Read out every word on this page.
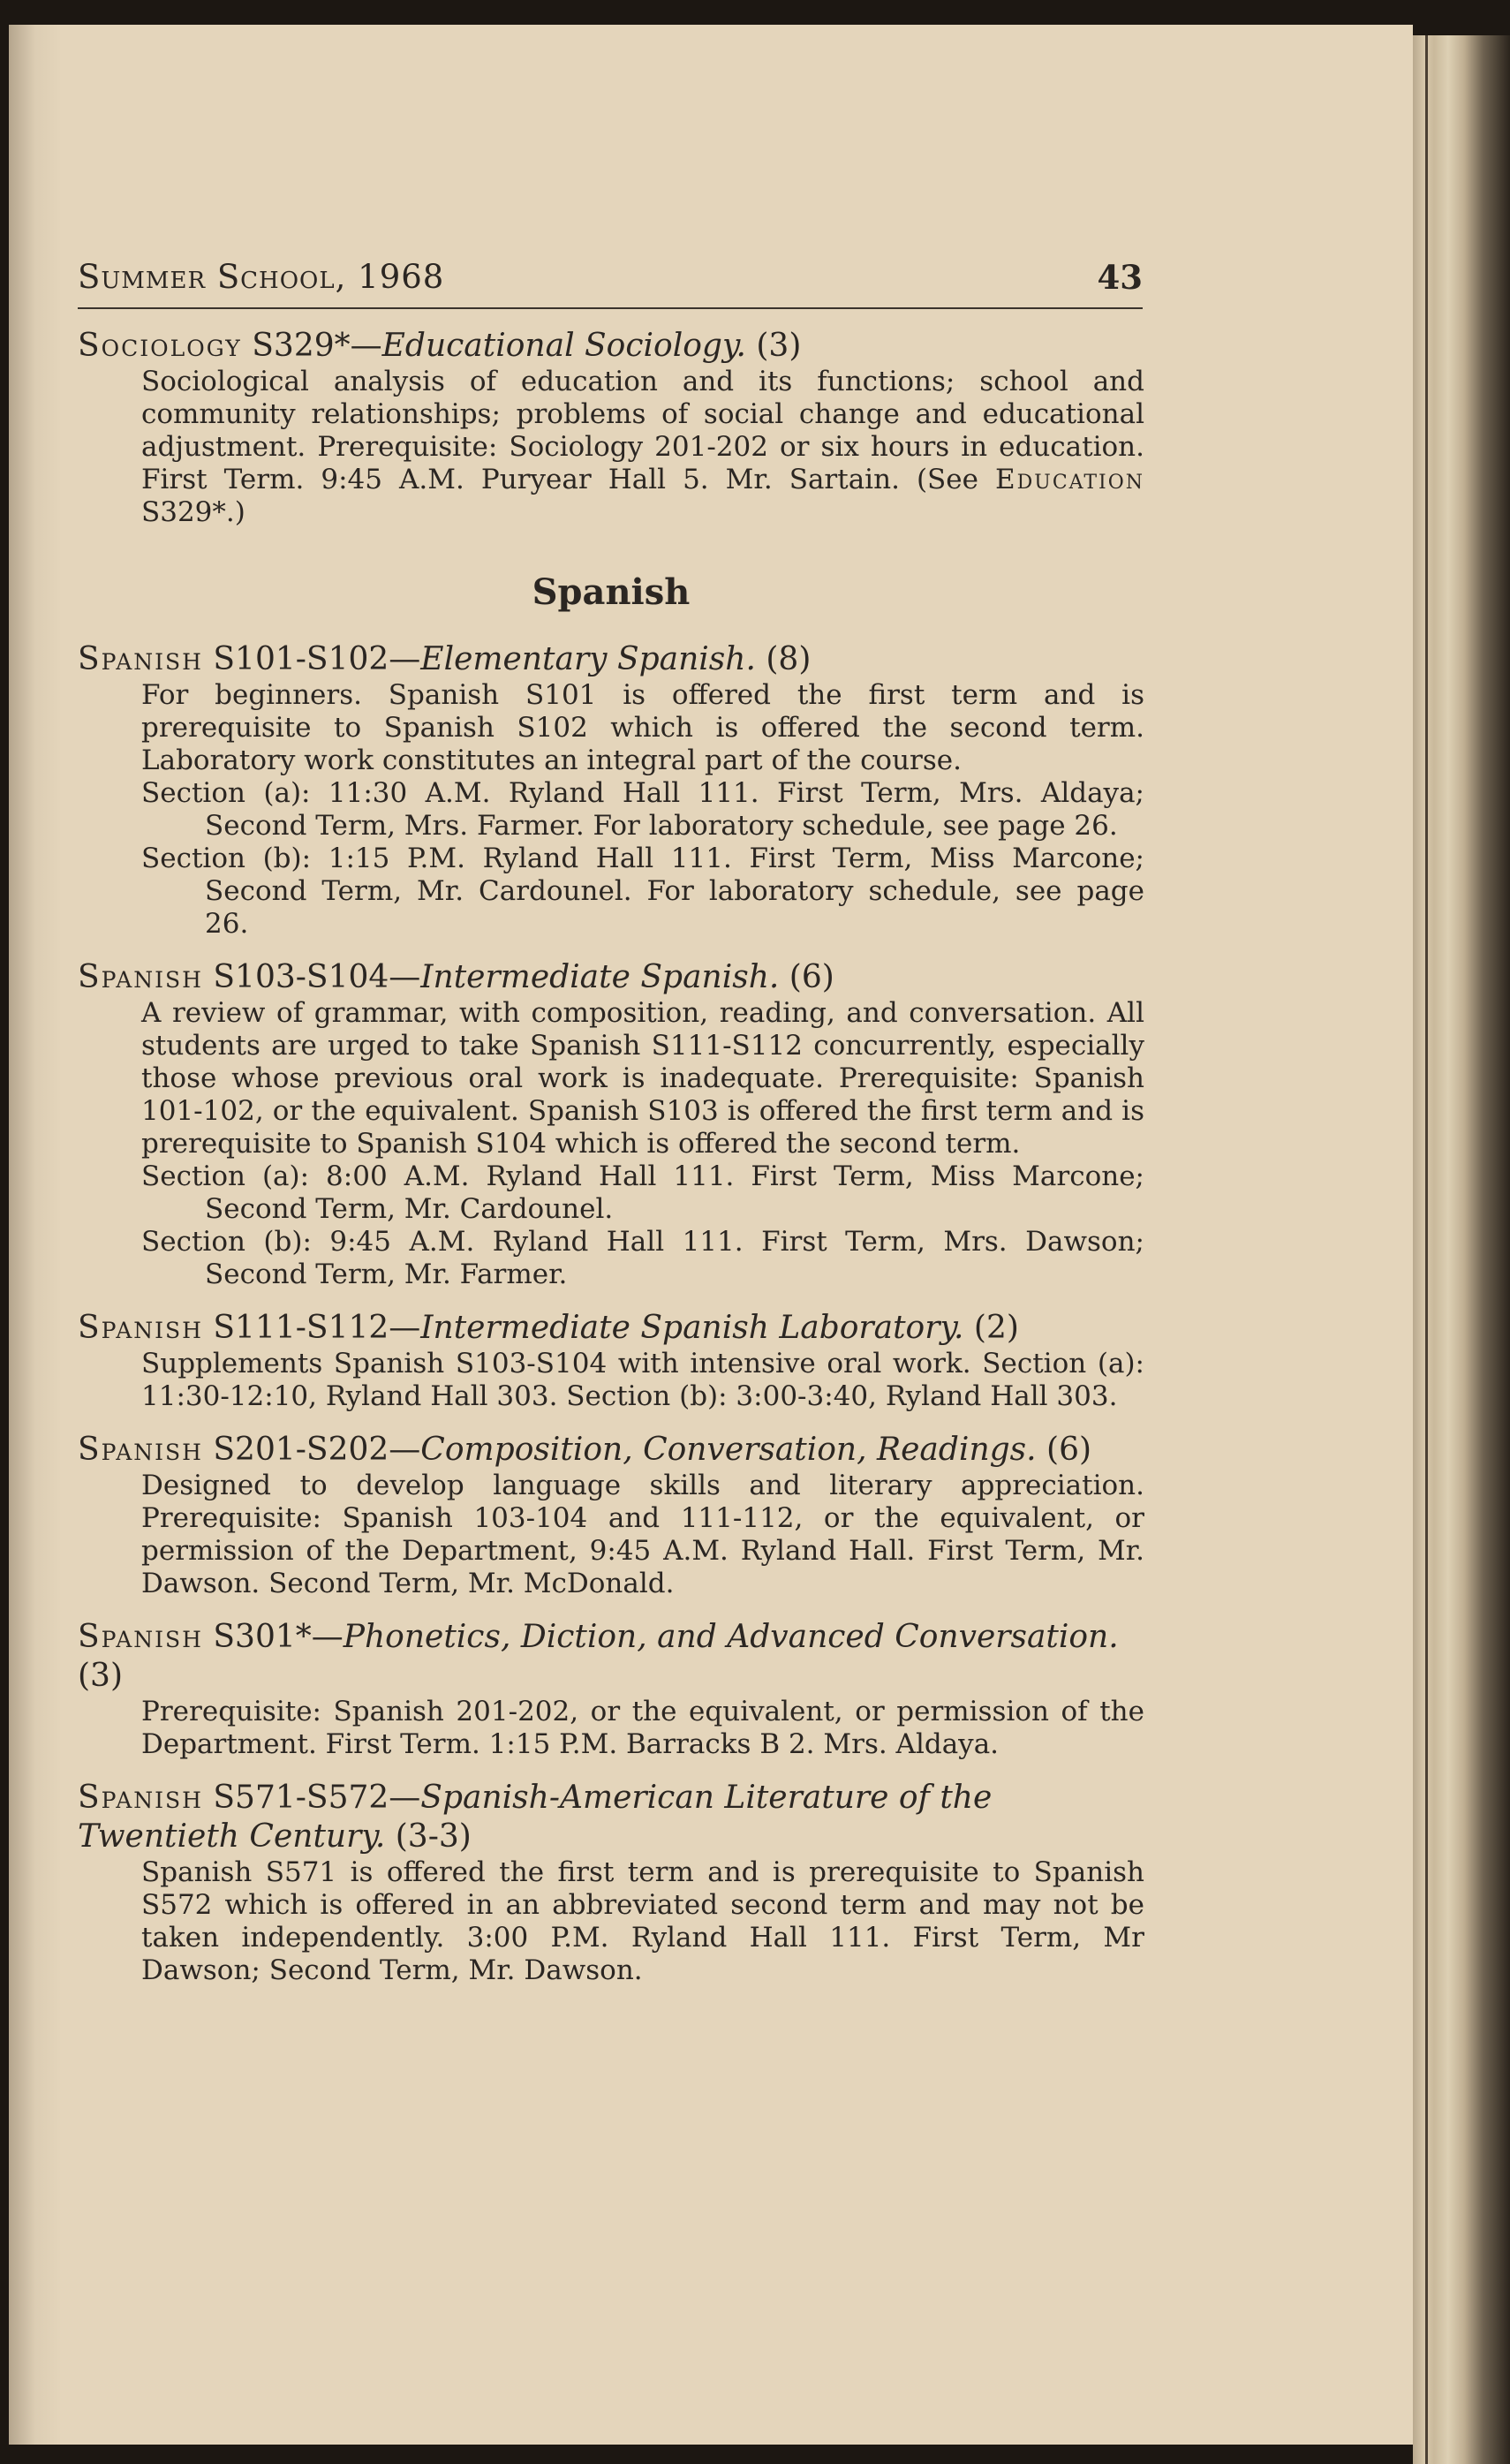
Summer School, 1968	43
Sociology S329*—Educational Sociology. (3)
Sociological analysis of education and its functions; school and community relationships; problems of social change and educational adjustment. Prerequisite: Sociology 201-202 or six hours in education. First Term. 9:45 A.M. Puryear Hall 5. Mr. Sartain. (See Education S329*.)
Spanish
Spanish S101-S102—Elementary Spanish. (8)
For beginners. Spanish S101 is offered the first term and is prerequisite to Spanish S102 which is offered the second term. Laboratory work constitutes an integral part of the course.
Section (a): 11:30 A.M. Ryland Hall 111. First Term, Mrs. Aldaya; Second Term, Mrs. Farmer. For laboratory schedule, see page 26.
Section (b): 1:15 P.M. Ryland Hall 111. First Term, Miss Marcone; Second Term, Mr. Cardounel. For laboratory schedule, see page 26.
Spanish S103-S104—Intermediate Spanish. (6)
A review of grammar, with composition, reading, and conversation. All students are urged to take Spanish S111-S112 concurrently, especially those whose previous oral work is inadequate. Prerequisite: Spanish 101-102, or the equivalent. Spanish S103 is offered the first term and is prerequisite to Spanish S104 which is offered the second term.
Section (a): 8:00 A.M. Ryland Hall 111. First Term, Miss Marcone; Second Term, Mr. Cardounel.
Section (b): 9:45 A.M. Ryland Hall 111. First Term, Mrs. Dawson; Second Term, Mr. Farmer.
Spanish S111-S112—Intermediate Spanish Laboratory. (2)
Supplements Spanish S103-S104 with intensive oral work. Section (a): 11:30-12:10, Ryland Hall 303. Section (b): 3:00-3:40, Ryland Hall 303.
Spanish S201-S202—Composition, Conversation, Readings. (6)
Designed to develop language skills and literary appreciation. Prerequisite: Spanish 103-104 and 111-112, or the equivalent, or permission of the Department, 9:45 A.M. Ryland Hall. First Term, Mr. Dawson. Second Term, Mr. McDonald.
Spanish S301*—Phonetics, Diction, and Advanced Conversation. (3)
Prerequisite: Spanish 201-202, or the equivalent, or permission of the Department. First Term. 1:15 P.M. Barracks B 2. Mrs. Aldaya.
Spanish S571-S572—Spanish-American Literature of the Twentieth Century. (3-3)
Spanish S571 is offered the first term and is prerequisite to Spanish S572 which is offered in an abbreviated second term and may not be taken independently. 3:00 P.M. Ryland Hall 111. First Term, Mr Dawson; Second Term, Mr. Dawson.
